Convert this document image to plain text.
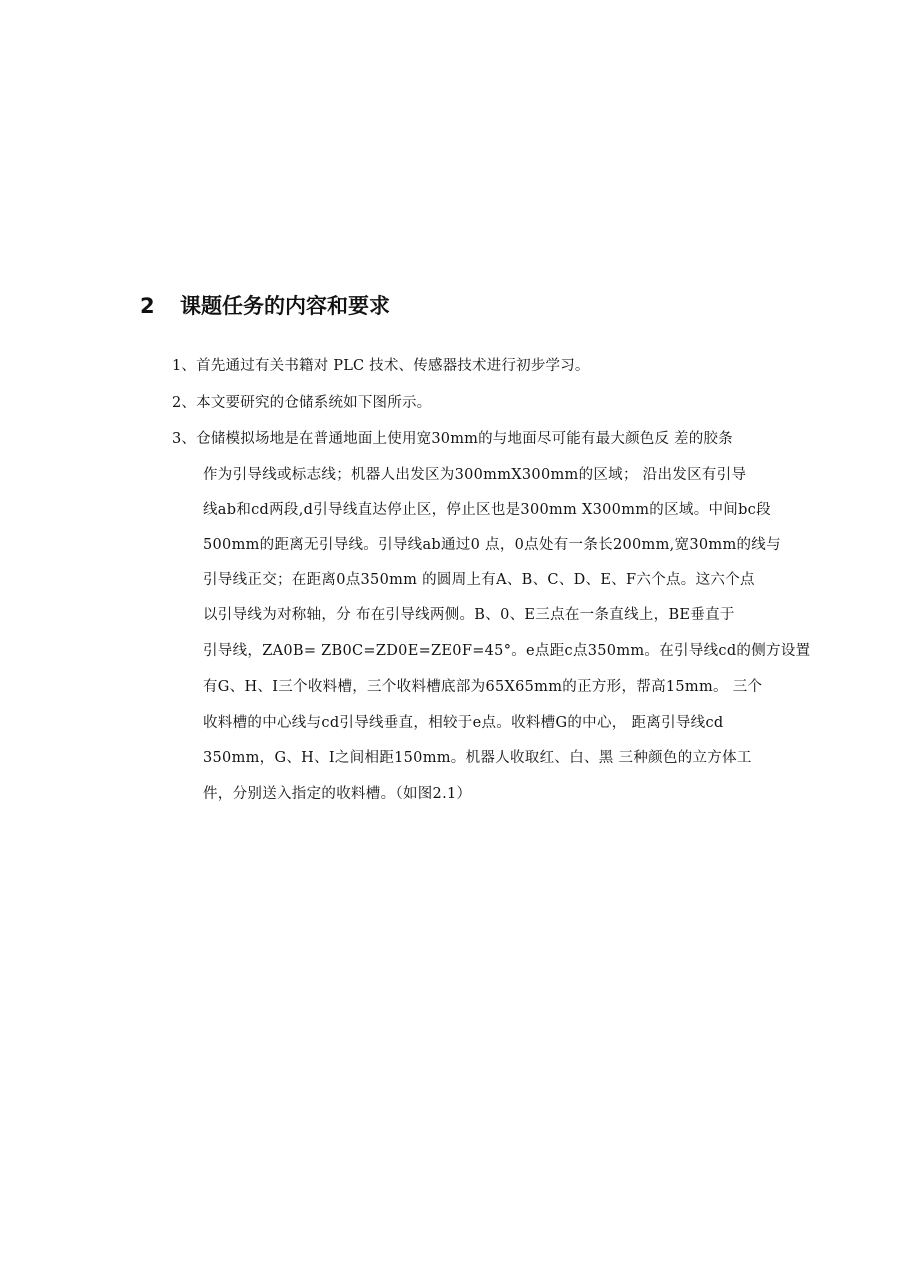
2	课题任务的内容和要求
1、首先通过有关书籍对 PLC 技术、传感器技术进行初步学习。
2、本文要研究的仓储系统如下图所示。
3、仓储模拟场地是在普通地面上使用宽30mm的与地面尽可能有最大颜色反 差的胶条
作为引导线或标志线；机器人出发区为300mmX300mm的区域； 沿出发区有引导
线ab和cd两段,d引导线直达停止区，停止区也是300mm X300mm的区域。中间bc段
500mm的距离无引导线。引导线ab通过0 点，0点处有一条长200mm,宽30mm的线与
引导线正交；在距离0点350mm 的圆周上有A、B、C、D、E、F六个点。这六个点
以引导线为对称轴，分 布在引导线两侧。B、0、E三点在一条直线上，BE垂直于
引导线，ZA0B= ZB0C=ZD0E=ZE0F=45°。e点距c点350mm。在引导线cd的侧方设置
有G、H、I三个收料槽，三个收料槽底部为65X65mm的正方形，帮高15mm。 三个
收料槽的中心线与cd引导线垂直，相较于e点。收料槽G的中心， 距离引导线cd
350mm，G、H、I之间相距150mm。机器人收取红、白、黑 三种颜色的立方体工
件，分别送入指定的收料槽。（如图2.1）
